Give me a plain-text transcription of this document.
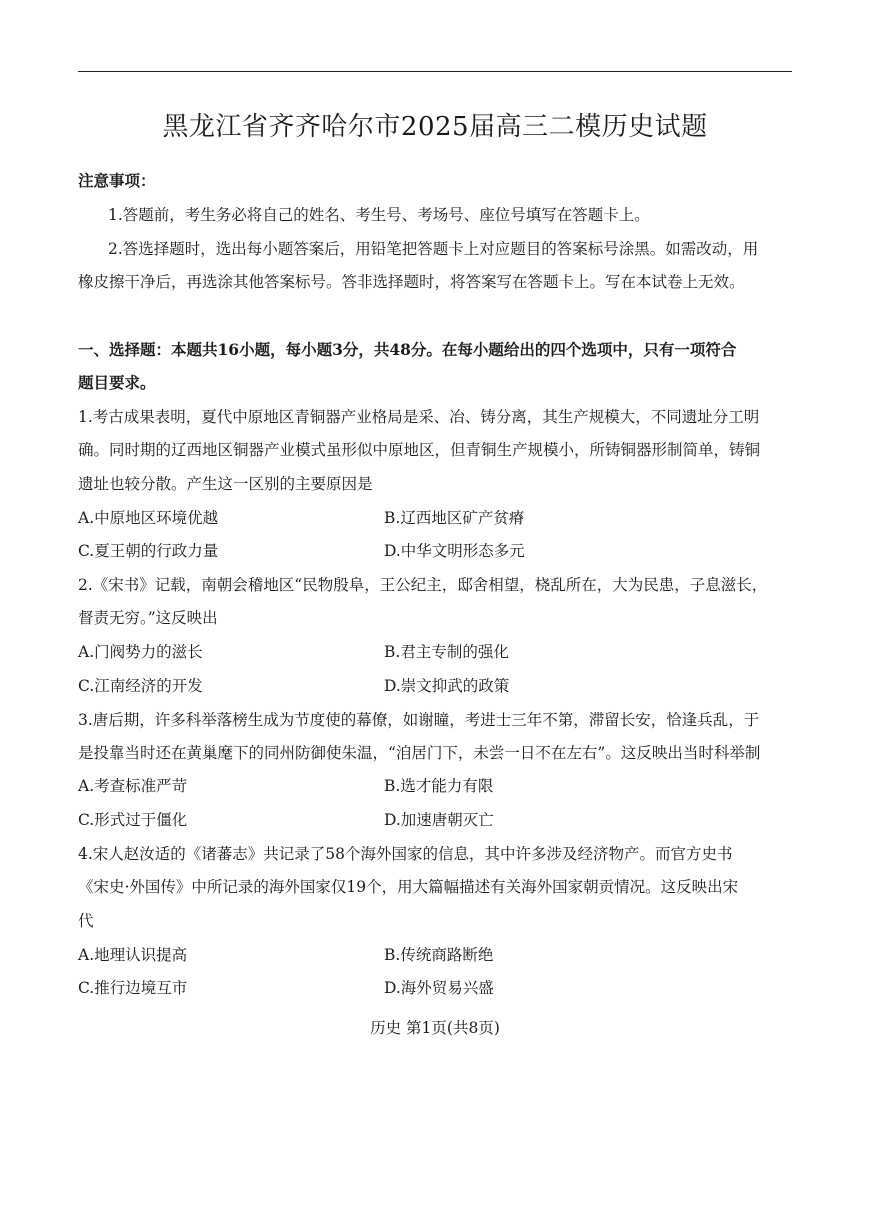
黑龙江省齐齐哈尔市2025届高三二模历史试题
注意事项：
1.答题前，考生务必将自己的姓名、考生号、考场号、座位号填写在答题卡上。
2.答选择题时，选出每小题答案后，用铅笔把答题卡上对应题目的答案标号涂黑。如需改动，用
橡皮擦干净后，再选涂其他答案标号。答非选择题时，将答案写在答题卡上。写在本试卷上无效。
一、选择题：本题共16小题，每小题3分，共48分。在每小题给出的四个选项中，只有一项符合
题目要求。
1.考古成果表明，夏代中原地区青铜器产业格局是采、冶、铸分离，其生产规模大，不同遗址分工明
确。同时期的辽西地区铜器产业模式虽形似中原地区，但青铜生产规模小，所铸铜器形制简单，铸铜
遗址也较分散。产生这一区别的主要原因是
A.中原地区环境优越	B.辽西地区矿产贫瘠
C.夏王朝的行政力量	D.中华文明形态多元
2.《宋书》记载，南朝会稽地区“民物殷阜，王公纪主，邸舍相望，桡乱所在，大为民患，子息滋长，
督责无穷。”这反映出
A.门阀势力的滋长	B.君主专制的强化
C.江南经济的开发	D.崇文抑武的政策
3.唐后期，许多科举落榜生成为节度使的幕僚，如谢瞳，考进士三年不第，滞留长安，恰逢兵乱，于
是投靠当时还在黄巢麾下的同州防御使朱温，“洎居门下，未尝一日不在左右”。这反映出当时科举制
A.考查标准严苛	B.选才能力有限
C.形式过于僵化	D.加速唐朝灭亡
4.宋人赵汝适的《诸蕃志》共记录了58个海外国家的信息，其中许多涉及经济物产。而官方史书
《宋史·外国传》中所记录的海外国家仅19个，用大篇幅描述有关海外国家朝贡情况。这反映出宋
代
A.地理认识提高	B.传统商路断绝
C.推行边境互市	D.海外贸易兴盛
历史 第1页(共8页)
